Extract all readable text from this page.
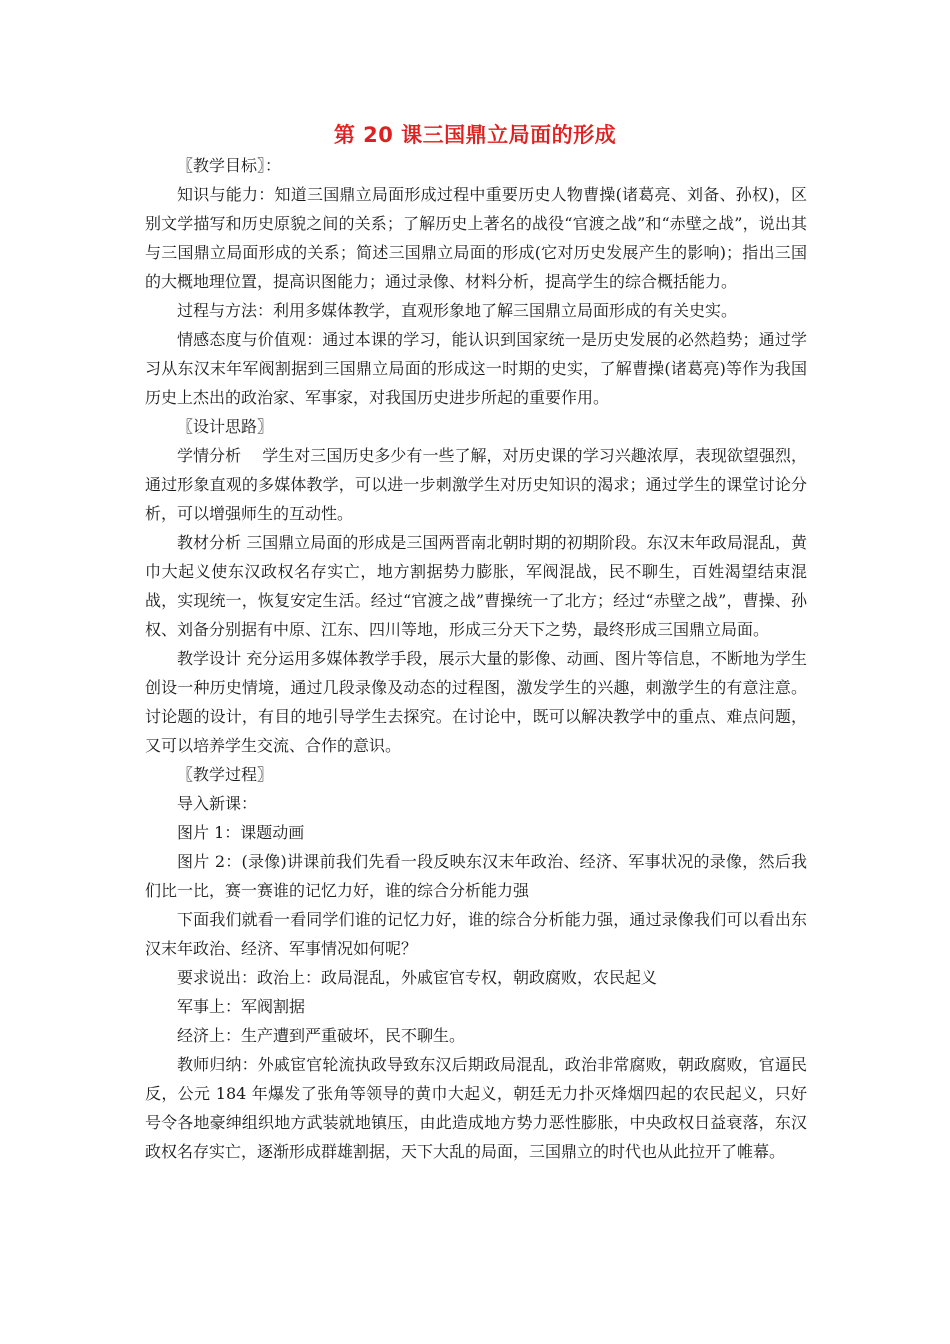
第 20 课三国鼎立局面的形成

〖教学目标〗：

知识与能力：知道三国鼎立局面形成过程中重要历史人物曹操(诸葛亮、刘备、孙权)，区别文学描写和历史原貌之间的关系；了解历史上著名的战役“官渡之战”和“赤壁之战”，说出其与三国鼎立局面形成的关系；简述三国鼎立局面的形成(它对历史发展产生的影响)；指出三国的大概地理位置，提高识图能力；通过录像、材料分析，提高学生的综合概括能力。

过程与方法：利用多媒体教学，直观形象地了解三国鼎立局面形成的有关史实。

情感态度与价值观：通过本课的学习，能认识到国家统一是历史发展的必然趋势；通过学习从东汉末年军阀割据到三国鼎立局面的形成这一时期的史实，了解曹操(诸葛亮)等作为我国历史上杰出的政治家、军事家，对我国历史进步所起的重要作用。

〖设计思路〗

学情分析　 学生对三国历史多少有一些了解，对历史课的学习兴趣浓厚，表现欲望强烈，通过形象直观的多媒体教学，可以进一步刺激学生对历史知识的渴求；通过学生的课堂讨论分析，可以增强师生的互动性。

教材分析 三国鼎立局面的形成是三国两晋南北朝时期的初期阶段。东汉末年政局混乱，黄巾大起义使东汉政权名存实亡，地方割据势力膨胀，军阀混战，民不聊生，百姓渴望结束混战，实现统一，恢复安定生活。经过“官渡之战”曹操统一了北方；经过“赤壁之战”，曹操、孙权、刘备分别据有中原、江东、四川等地，形成三分天下之势，最终形成三国鼎立局面。

教学设计 充分运用多媒体教学手段，展示大量的影像、动画、图片等信息，不断地为学生创设一种历史情境，通过几段录像及动态的过程图，激发学生的兴趣，刺激学生的有意注意。讨论题的设计，有目的地引导学生去探究。在讨论中，既可以解决教学中的重点、难点问题，又可以培养学生交流、合作的意识。

〖教学过程〗

导入新课：

图片 1：课题动画

图片 2：(录像)讲课前我们先看一段反映东汉末年政治、经济、军事状况的录像，然后我们比一比，赛一赛谁的记忆力好，谁的综合分析能力强

下面我们就看一看同学们谁的记忆力好，谁的综合分析能力强，通过录像我们可以看出东汉末年政治、经济、军事情况如何呢？

要求说出：政治上：政局混乱，外戚宦官专权，朝政腐败，农民起义

军事上：军阀割据

经济上：生产遭到严重破坏，民不聊生。

教师归纳：外戚宦官轮流执政导致东汉后期政局混乱，政治非常腐败，朝政腐败，官逼民反，公元 184 年爆发了张角等领导的黄巾大起义，朝廷无力扑灭烽烟四起的农民起义，只好号令各地豪绅组织地方武装就地镇压，由此造成地方势力恶性膨胀，中央政权日益衰落，东汉政权名存实亡，逐渐形成群雄割据，天下大乱的局面，三国鼎立的时代也从此拉开了帷幕。
